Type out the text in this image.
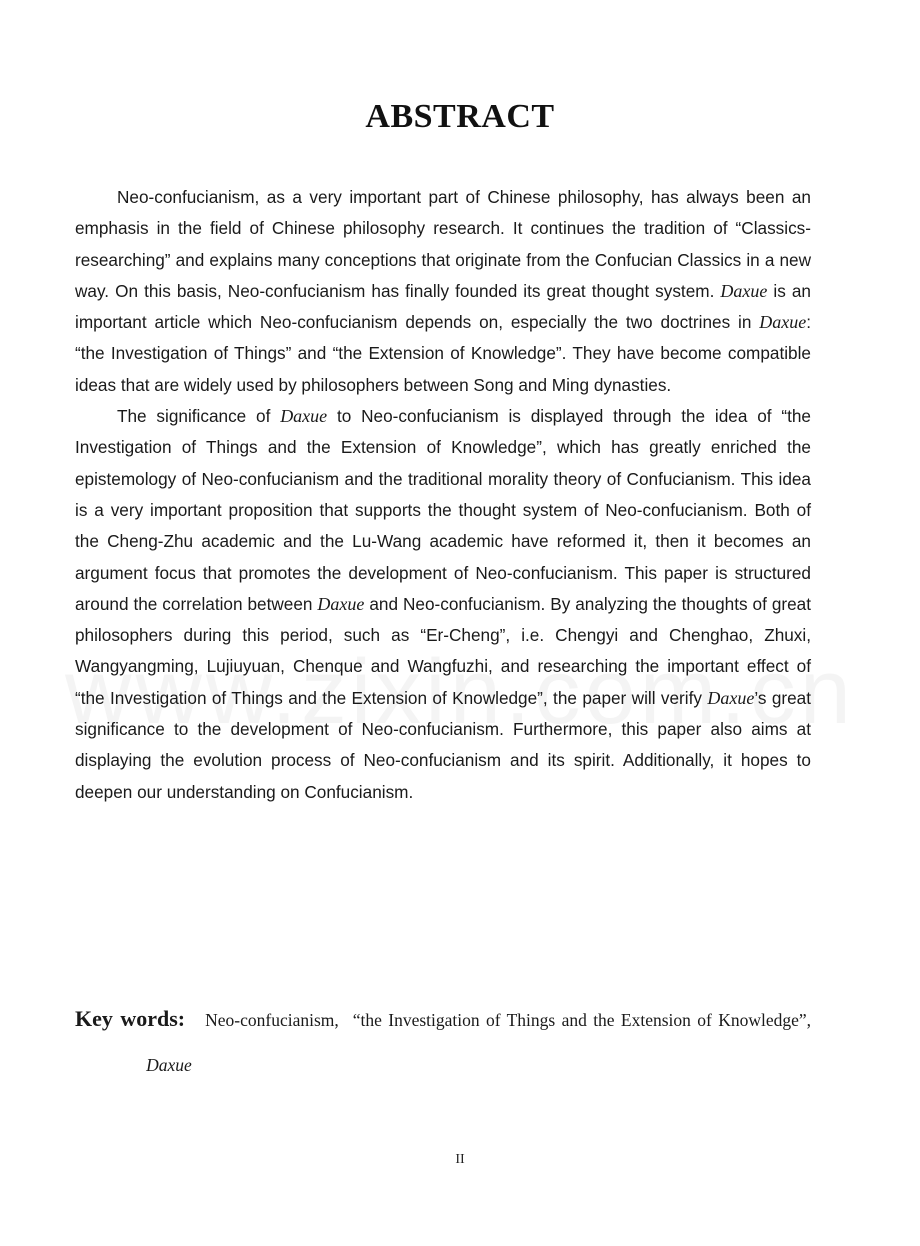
ABSTRACT

Neo-confucianism, as a very important part of Chinese philosophy, has always been an emphasis in the field of Chinese philosophy research. It continues the tradition of “Classics-researching” and explains many conceptions that originate from the Confucian Classics in a new way. On this basis, Neo-confucianism has finally founded its great thought system. Daxue is an important article which Neo-confucianism depends on, especially the two doctrines in Daxue: “the Investigation of Things” and “the Extension of Knowledge”. They have become compatible ideas that are widely used by philosophers between Song and Ming dynasties.

The significance of Daxue to Neo-confucianism is displayed through the idea of “the Investigation of Things and the Extension of Knowledge”, which has greatly enriched the epistemology of Neo-confucianism and the traditional morality theory of Confucianism. This idea is a very important proposition that supports the thought system of Neo-confucianism. Both of the Cheng-Zhu academic and the Lu-Wang academic have reformed it, then it becomes an argument focus that promotes the development of Neo-confucianism. This paper is structured around the correlation between Daxue and Neo-confucianism. By analyzing the thoughts of great philosophers during this period, such as “Er-Cheng”, i.e. Chengyi and Chenghao, Zhuxi, Wangyangming, Lujiuyuan, Chenque and Wangfuzhi, and researching the important effect of “the Investigation of Things and the Extension of Knowledge”, the paper will verify Daxue’s great significance to the development of Neo-confucianism. Furthermore, this paper also aims at displaying the evolution process of Neo-confucianism and its spirit. Additionally, it hopes to deepen our understanding on Confucianism.

Key words: Neo-confucianism, “the Investigation of Things and the Extension of Knowledge”,   Daxue
II
